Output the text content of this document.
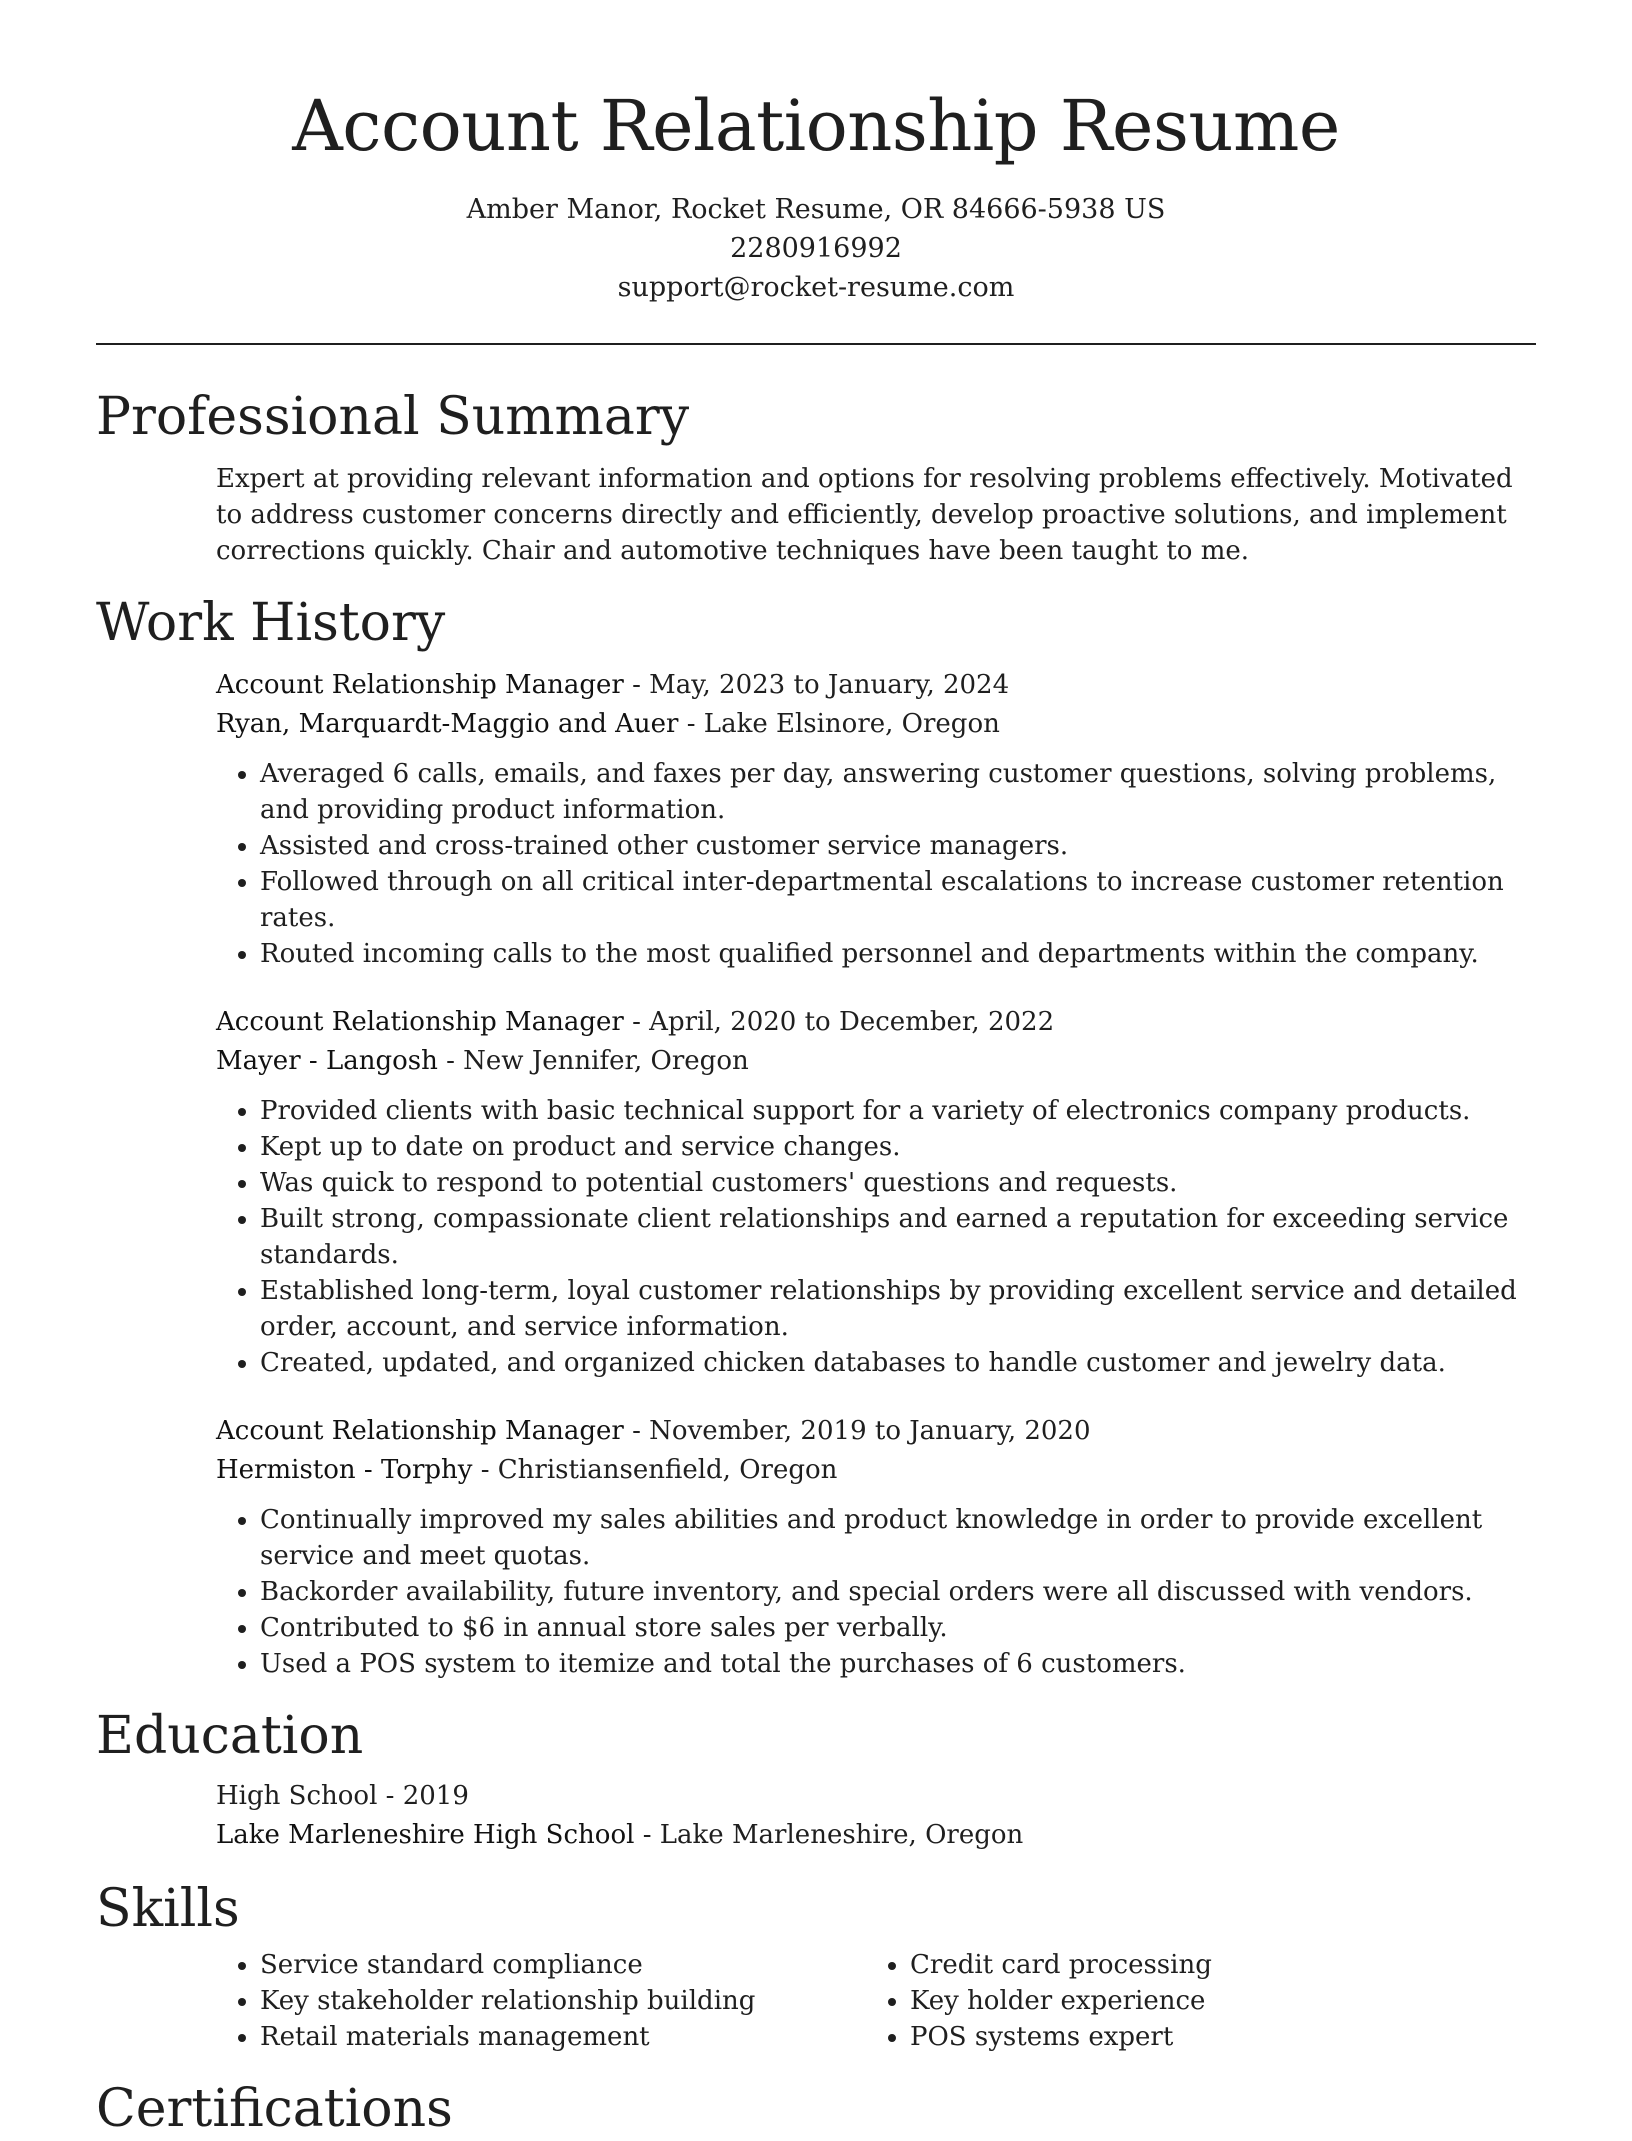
Account Relationship Resume
Amber Manor, Rocket Resume, OR 84666-5938 US
2280916992
support@rocket-resume.com
Professional Summary

Expert at providing relevant information and options for resolving problems effectively. Motivated to address customer concerns directly and efficiently, develop proactive solutions, and implement corrections quickly. Chair and automotive techniques have been taught to me.

Work History

Account Relationship Manager - May, 2023 to January, 2024

Ryan, Marquardt-Maggio and Auer - Lake Elsinore, Oregon

• Averaged 6 calls, emails, and faxes per day, answering customer questions, solving problems, and providing product information.
• Assisted and cross-trained other customer service managers.
• Followed through on all critical inter-departmental escalations to increase customer retention rates.
• Routed incoming calls to the most qualified personnel and departments within the company.

Account Relationship Manager - April, 2020 to December, 2022

Mayer - Langosh - New Jennifer, Oregon

• Provided clients with basic technical support for a variety of electronics company products.
• Kept up to date on product and service changes.
• Was quick to respond to potential customers' questions and requests.
• Built strong, compassionate client relationships and earned a reputation for exceeding service standards.
• Established long-term, loyal customer relationships by providing excellent service and detailed order, account, and service information.
• Created, updated, and organized chicken databases to handle customer and jewelry data.

Account Relationship Manager - November, 2019 to January, 2020

Hermiston - Torphy - Christiansenfield, Oregon

• Continually improved my sales abilities and product knowledge in order to provide excellent service and meet quotas.
• Backorder availability, future inventory, and special orders were all discussed with vendors.
• Contributed to $6 in annual store sales per verbally.
• Used a POS system to itemize and total the purchases of 6 customers.
Education

High School - 2019

Lake Marleneshire High School - Lake Marleneshire, Oregon

Skills
• Service standard compliance
• Key stakeholder relationship building
• Retail materials management
• Credit card processing
• Key holder experience
• POS systems expert
Certifications
